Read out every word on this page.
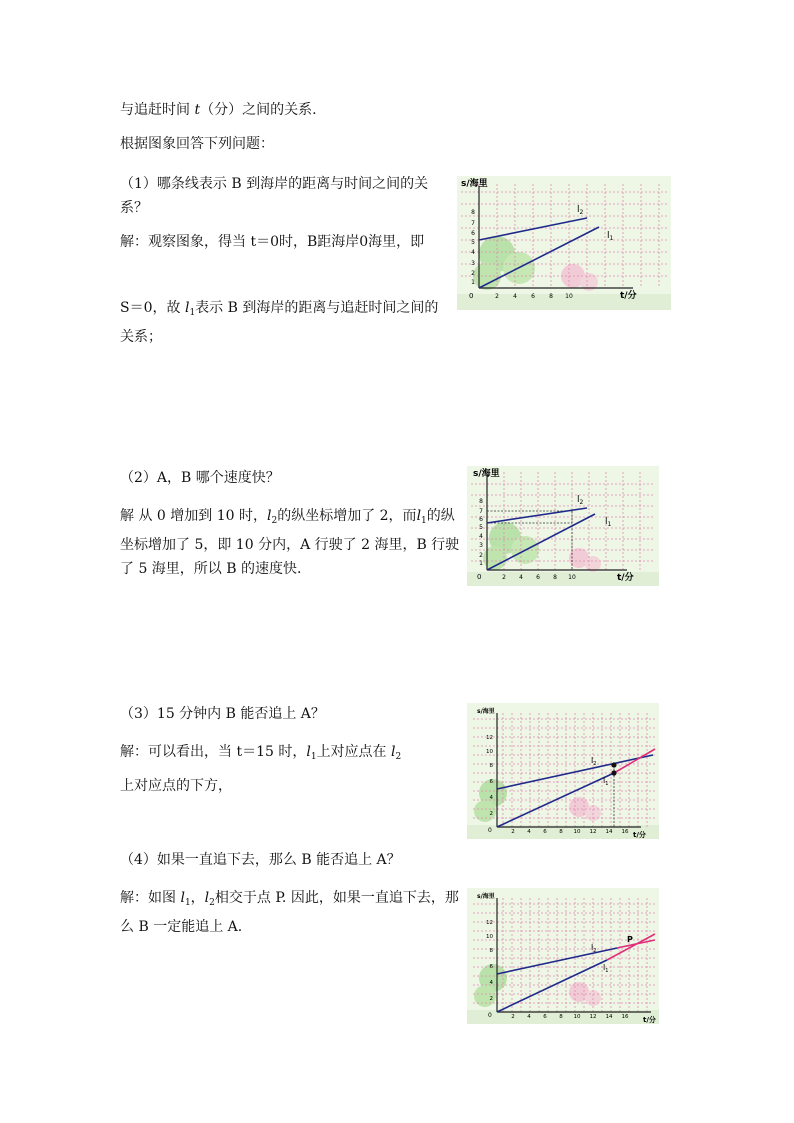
与追赶时间 t（分）之间的关系.

根据图象回答下列问题：

（1）哪条线表示 B 到海岸的距离与时间之间的关系？

解：观察图象，得当 t＝0时，B距海岸0海里，即

S＝0，故 $l_1$表示 B 到海岸的距离与追赶时间之间的关系；

（2）A，B 哪个速度快？

解 从 0 增加到 10 时，$l_2$的纵坐标增加了 2，而$l_1$的纵坐标增加了 5，即 10 分内，A 行驶了 2 海里，B 行驶了 5 海里，所以 B 的速度快.

（3）15 分钟内 B 能否追上 A？

解：可以看出，当 t＝15 时，$l_1$上对应点在 $l_2$

上对应点的下方，

（4）如果一直追下去，那么 B 能否追上 A？

解：如图 $l_1$，$l_2$相交于点 P. 因此，如果一直追下去，那么 B 一定能追上 A.

s/海里
t/分
0
8
7
6
5
4
3
2
1
2 4 6 8 10
$l_2$
$l_1$
s/海里
t/分
0
8
7
6
5
4
3
2
1
2 4 6 8 10
$l_2$
$l_1$
s/海里
t/分
0
12
10
8
6
4
2
2 4 6 8 10 12 14 16
$l_2$
$l_1$
s/海里
t/分
0
12
10
8
6
4
2
2 4 6 8 10 12 14 16
$l_2$
$l_1$
P
